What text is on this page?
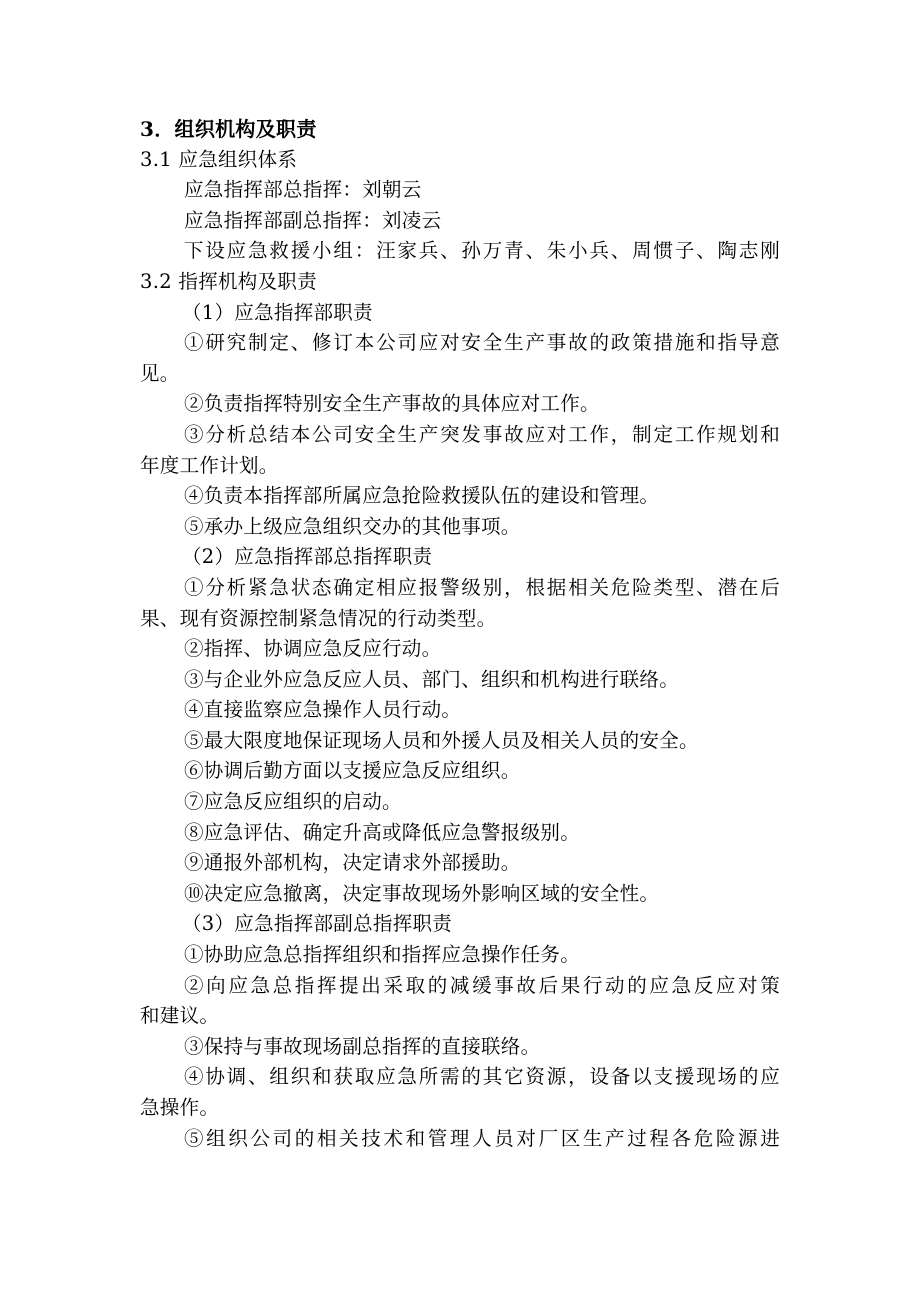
3．组织机构及职责
3.1 应急组织体系
应急指挥部总指挥：刘朝云
应急指挥部副总指挥：刘凌云
下设应急救援小组：汪家兵、孙万青、朱小兵、周惯子、陶志刚
3.2 指挥机构及职责
（1）应急指挥部职责
①研究制定、修订本公司应对安全生产事故的政策措施和指导意
见。
②负责指挥特别安全生产事故的具体应对工作。
③分析总结本公司安全生产突发事故应对工作，制定工作规划和
年度工作计划。
④负责本指挥部所属应急抢险救援队伍的建设和管理。
⑤承办上级应急组织交办的其他事项。
（2）应急指挥部总指挥职责
①分析紧急状态确定相应报警级别，根据相关危险类型、潜在后
果、现有资源控制紧急情况的行动类型。
②指挥、协调应急反应行动。
③与企业外应急反应人员、部门、组织和机构进行联络。
④直接监察应急操作人员行动。
⑤最大限度地保证现场人员和外援人员及相关人员的安全。
⑥协调后勤方面以支援应急反应组织。
⑦应急反应组织的启动。
⑧应急评估、确定升高或降低应急警报级别。
⑨通报外部机构，决定请求外部援助。
⑩决定应急撤离，决定事故现场外影响区域的安全性。
（3）应急指挥部副总指挥职责
①协助应急总指挥组织和指挥应急操作任务。
②向应急总指挥提出采取的减缓事故后果行动的应急反应对策
和建议。
③保持与事故现场副总指挥的直接联络。
④协调、组织和获取应急所需的其它资源，设备以支援现场的应
急操作。
⑤组织公司的相关技术和管理人员对厂区生产过程各危险源进
